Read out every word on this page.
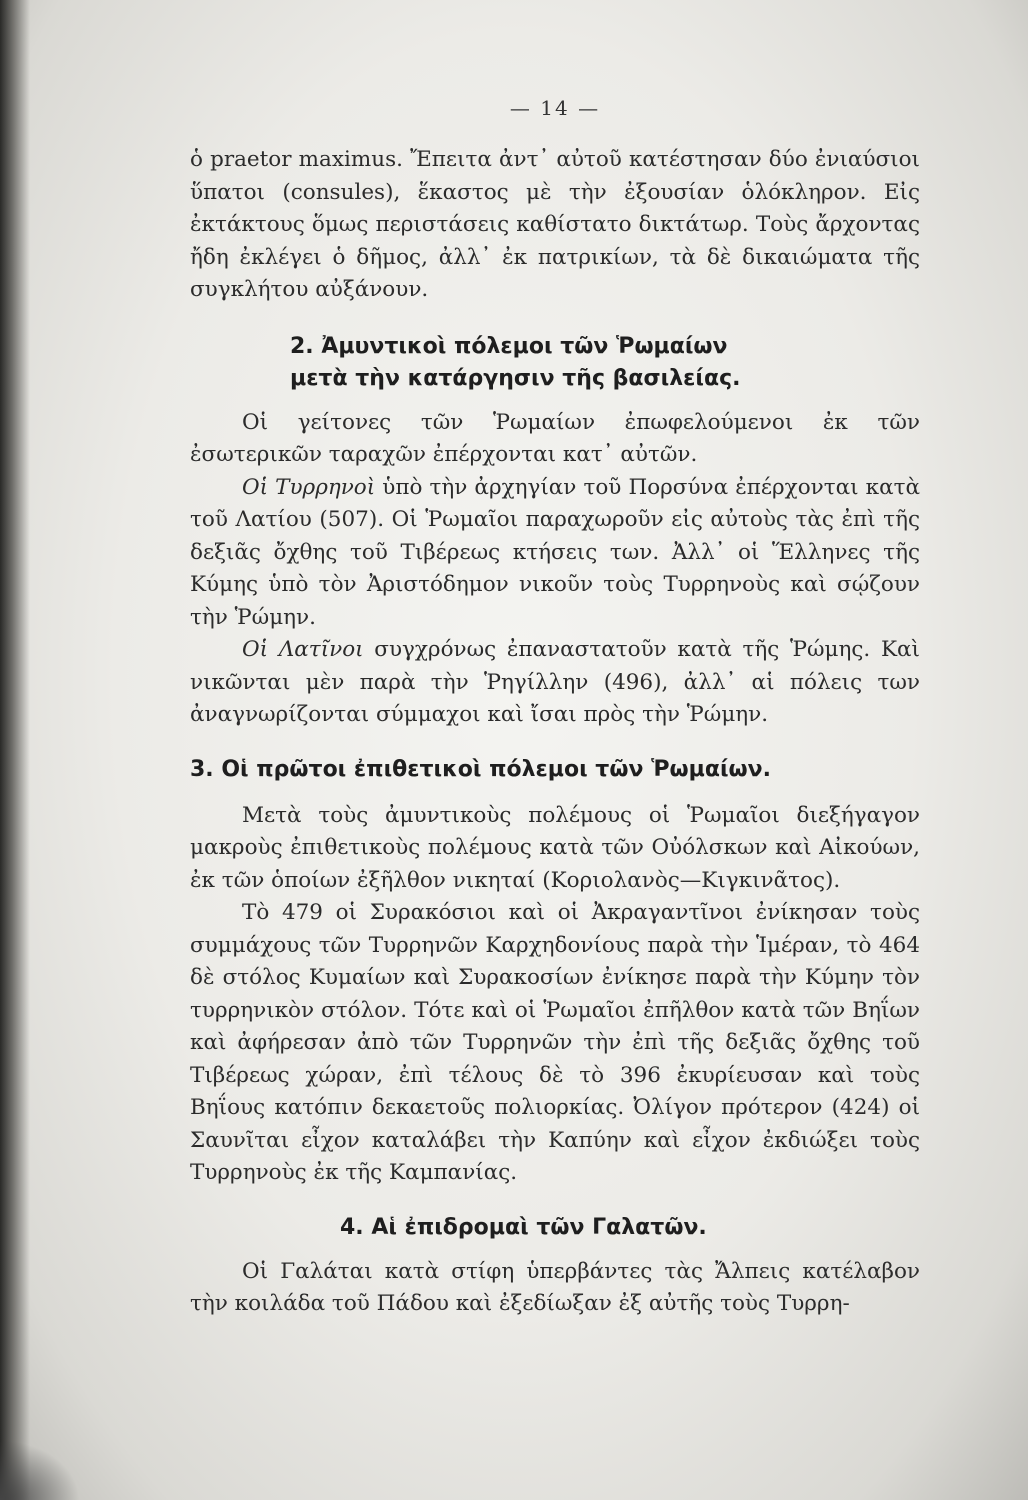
— 14 —

ὁ praetor maximus. Ἔπειτα ἀντ᾿ αὐτοῦ κατέστησαν δύο ἐνιαύσιοι ὕπατοι (consules), ἕκαστος μὲ τὴν ἐξουσίαν ὁλόκληρον. Εἰς ἐκτάκτους ὅμως περιστάσεις καθίστατο δικτάτωρ. Τοὺς ἄρχοντας ἤδη ἐκλέγει ὁ δῆμος, ἀλλ᾿ ἐκ πατρικίων, τὰ δὲ δικαιώματα τῆς συγκλήτου αὐξάνουν.

2. Ἀμυντικοὶ πόλεμοι τῶν Ῥωμαίων
μετὰ τὴν κατάργησιν τῆς βασιλείας.

Οἱ γείτονες τῶν Ῥωμαίων ἐπωφελούμενοι ἐκ τῶν ἐσωτερικῶν ταραχῶν ἐπέρχονται κατ᾿ αὐτῶν.

Οἱ Τυρρηνοὶ ὑπὸ τὴν ἀρχηγίαν τοῦ Πορσύνα ἐπέρχονται κατὰ τοῦ Λατίου (507). Οἱ Ῥωμαῖοι παραχωροῦν εἰς αὐτοὺς τὰς ἐπὶ τῆς δεξιᾶς ὄχθης τοῦ Τιβέρεως κτήσεις των. Ἀλλ᾿ οἱ Ἕλληνες τῆς Κύμης ὑπὸ τὸν Ἀριστόδημον νικοῦν τοὺς Τυρρηνοὺς καὶ σῴζουν τὴν Ῥώμην.

Οἱ Λατῖνοι συγχρόνως ἐπαναστατοῦν κατὰ τῆς Ῥώμης. Καὶ νικῶνται μὲν παρὰ τὴν Ῥηγίλλην (496), ἀλλ᾿ αἱ πόλεις των ἀναγνωρίζονται σύμμαχοι καὶ ἴσαι πρὸς τὴν Ῥώμην.

3. Οἱ πρῶτοι ἐπιθετικοὶ πόλεμοι τῶν Ῥωμαίων.

Μετὰ τοὺς ἀμυντικοὺς πολέμους οἱ Ῥωμαῖοι διεξήγαγον μακροὺς ἐπιθετικοὺς πολέμους κατὰ τῶν Οὐόλσκων καὶ Αἰκούων, ἐκ τῶν ὁποίων ἐξῆλθον νικηταί (Κοριολανὸς—Κιγκινᾶτος).

Τὸ 479 οἱ Συρακόσιοι καὶ οἱ Ἀκραγαντῖνοι ἐνίκησαν τοὺς συμμάχους τῶν Τυρρηνῶν Καρχηδονίους παρὰ τὴν Ἱμέραν, τὸ 464 δὲ στόλος Κυμαίων καὶ Συρακοσίων ἐνίκησε παρὰ τὴν Κύμην τὸν τυρρηνικὸν στόλον. Τότε καὶ οἱ Ῥωμαῖοι ἐπῆλθον κατὰ τῶν Βηΐων καὶ ἀφήρεσαν ἀπὸ τῶν Τυρρηνῶν τὴν ἐπὶ τῆς δεξιᾶς ὄχθης τοῦ Τιβέρεως χώραν, ἐπὶ τέλους δὲ τὸ 396 ἐκυρίευσαν καὶ τοὺς Βηΐους κατόπιν δεκαετοῦς πολιορκίας. Ὀλίγον πρότερον (424) οἱ Σαυνῖται εἶχον καταλάβει τὴν Καπύην καὶ εἶχον ἐκδιώξει τοὺς Τυρρηνοὺς ἐκ τῆς Καμπανίας.

4. Αἱ ἐπιδρομαὶ τῶν Γαλατῶν.

Οἱ Γαλάται κατὰ στίφη ὑπερβάντες τὰς Ἄλπεις κατέλαβον τὴν κοιλάδα τοῦ Πάδου καὶ ἐξεδίωξαν ἐξ αὐτῆς τοὺς Τυρρη-
